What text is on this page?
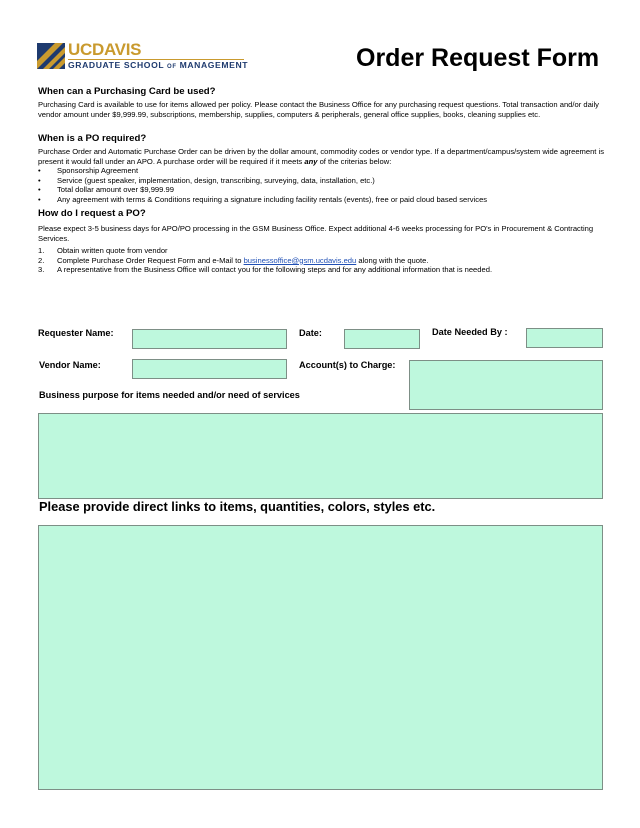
UCDAVIS
GRADUATE SCHOOL OF MANAGEMENT	Order Request Form
When can a Purchasing Card be used?
Purchasing Card is available to use for items allowed per policy. Please contact the Business Office for any purchasing request questions. Total transaction and/or daily vendor amount under $9,999.99, subscriptions, membership, supplies, computers & peripherals, general office supplies, books, cleaning supplies etc.
When is a PO required?
Purchase Order and Automatic Purchase Order can be driven by the dollar amount, commodity codes or vendor type. If a department/campus/system wide agreement is present it would fall under an APO. A purchase order will be required if it meets any of the criterias below:
• Sponsorship Agreement
• Service (guest speaker, implementation, design, transcribing, surveying, data, installation, etc.)
• Total dollar amount over $9,999.99
• Any agreement with terms & Conditions requiring a signature including facility rentals (events), free or paid cloud based services
How do I request a PO?
Please expect 3-5 business days for APO/PO processing in the GSM Business Office. Expect additional 4-6 weeks processing for PO's in Procurement & Contracting Services.
1. Obtain written quote from vendor
2. Complete Purchase Order Request Form and e-Mail to businessoffice@gsm.ucdavis.edu along with the quote.
3. A representative from the Business Office will contact you for the following steps and for any additional information that is needed.
Requester Name:	Date:	Date Needed By :
Vendor Name:	Account(s) to Charge:
Business purpose for items needed and/or need of services
Please provide direct links to items, quantities, colors, styles etc.
